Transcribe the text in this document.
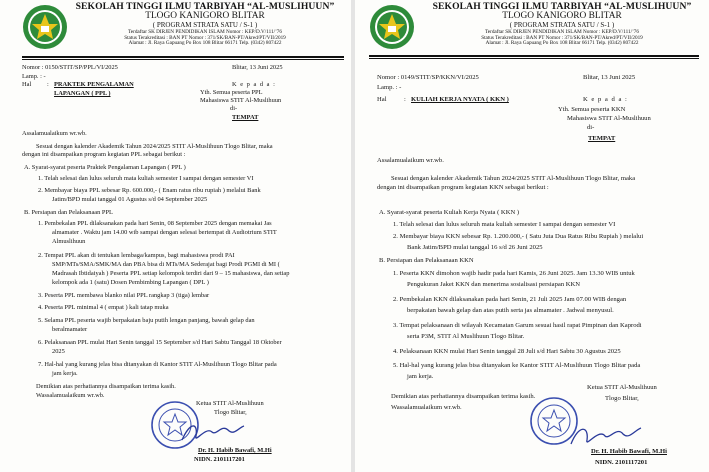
SEKOLAH TINGGI ILMU TARBIYAH “AL-MUSLIHUUN”
TLOGO KANIGORO BLITAR
( PROGRAM STRATA SATU / S-1 )
Terdaftar SK DIRJEN PENDIDIKAN ISLAM Nomor : KEP/D.V/111/’76
Status Terakreditasi : BAN PT Nomor : 371/SK/BAN-PT/Akred/PT/VII/2019
Alamat : Jl. Raya Gapuang Po Box 108 Blitar 66171 Telp. (0342) 807422
Nomor : 0150/STIT/SP/PPL/VI/2025	Blitar, 13 Juni 2025
Lamp. : -
Hal : PRAKTEK PENGALAMAN
LAPANGAN ( PPL )
K e p a d a :
Yth. Semua peserta PPL
Mahasiswa STIT Al-Muslihuun
di-
TEMPAT
Assalamualaikum wr.wb.
Sesuai dengan kalender Akademik Tahun 2024/2025 STIT Al-Muslihuun Tlogo Blitar, maka
dengan ini disampaikan program kegiatan PPL sebagai berikut :
A. Syarat-syarat peserta Praktek Pengalaman Lapangan ( PPL )
1. Telah selesai dan lulus seluruh mata kuliah semester I sampai dengan semester VI
2. Membayar biaya PPL sebesar Rp. 600.000,- ( Enam ratus ribu rupiah ) melalui Bank
Jatim/BPD mulai tanggal 01 Agustus s/d 04 September 2025
B. Persiapan dan Pelaksanaan PPL
1. Pembekalan PPL dilaksanakan pada hari Senin, 08 September 2025 dengan memakai Jas
almamater . Waktu jam 14.00 wib sampai dengan selesai bertempat di Audiotrium STIT
Almuslihuun
2. Tempat PPL akan di tentukan lembaga/kampus, bagi mahasiswa prodi PAI
SMP/MTs/SMA/SMK/MA dan PBA bisa di MTs/MA Sederajat bagi Prodi PGMI di MI (
Madrasah Ibtidaiyah ) Peserta PPL setiap kelompok terdiri dari 9 – 15 mahasiswa, dan setiap
kelompok ada 1 (satu) Dosen Pembimbing Lapangan ( DPL )
3. Peserta PPL membawa blanko nilai PPL rangkap 3 (tiga) lembar
4. Peserta PPL minimal 4 ( empat ) kali tatap muka
5. Selama PPL peserta wajib berpakaian baju putih lengan panjang, bawah gelap dan
beralmamater
6. Pelaksanaan PPL mulai Hari Senin tanggal 15 September s/d Hari Sabtu Tanggal 18 Oktober
2025
7. Hal-hal yang kurang jelas bisa ditanyakan di Kantor STIT Al-Muslihuun Tlogo Blitar pada
jam kerja.
Demikian atas perhatiannya disampaikan terima kasih.
Wassalamualaikum wr.wb.
Ketua STIT Al-Muslihuun
Tlogo Blitar,
Dr. H. Habib Bawafi, M.Hi
NIDN. 2101117201
SEKOLAH TINGGI ILMU TARBIYAH “AL-MUSLIHUUN”
TLOGO KANIGORO BLITAR
( PROGRAM STRATA SATU / S-1 )
Terdaftar SK DIRJEN PENDIDIKAN ISLAM Nomor : KEP/D.V/111/’76
Status Terakreditasi : BAN PT Nomor : 371/SK/BAN-PT/Akred/PT/VII/2019
Alamat : Jl. Raya Gapuang Po Box 108 Blitar 66171 Telp. (0342) 807422
Nomor : 0149/STIT/SP/KKN/VI/2025	Blitar, 13 Juni 2025
Lamp. : -
Hal	: KULIAH KERJA NYATA ( KKN )	K e p a d a :
Yth. Semua peserta KKN
Mahasiswa STIT Al-Muslihuun
di-
TEMPAT
Assalamualaikum wr.wb.
Sesuai dengan kalender Akademik Tahun 2024/2025 STIT Al-Muslihuun Tlogo Blitar, maka
dengan ini disampaikan program kegiatan KKN sebagai berikut :
A. Syarat-syarat peserta Kuliah Kerja Nyata ( KKN )
1. Telah selesai dan lulus seluruh mata kuliah semester I sampai dengan semester VI
2. Membayar biaya KKN sebesar Rp. 1.200.000,- ( Satu Juta Dua Ratus Ribu Rupiah ) melalui
Bank Jatim/BPD mulai tanggal 16 s/d 26 Juni 2025
B. Persiapan dan Pelaksanaan KKN
1. Peserta KKN dimohon wajib hadir pada hari Kamis, 26 Juni 2025. Jam 13.30 WIB untuk
Pengukuran Jaket KKN dan menerima sosialisasi persiapan KKN
2. Pembekalan KKN dilaksanakan pada hari Senin, 21 Juli 2025 Jam 07.00 WIB dengan
berpakaian bawah gelap dan atas putih serta jas almamater . Jadwal menyusul.
3. Tempat pelaksanaan di wilayah Kecamatan Garum sesuai hasil rapat Pimpinan dan Kaprodi
serta P3M, STIT Al Muslihuun Tlogo Blitar.
4. Pelaksanaan KKN mulai Hari Senin tanggal 28 Juli s/d Hari Sabtu 30 Agustus 2025
5. Hal-hal yang kurang jelas bisa ditanyakan ke Kantor STIT Al-Muslihuun Tlogo Blitar pada
jam kerja.
Demikian atas perhatiannya disampaikan terima kasih.
Wassalamualaikum wr.wb.
Ketua STIT Al-Muslihuun
Tlogo Blitar,
Dr. H. Habib Bawafi, M.Hi
NIDN. 2101117201
